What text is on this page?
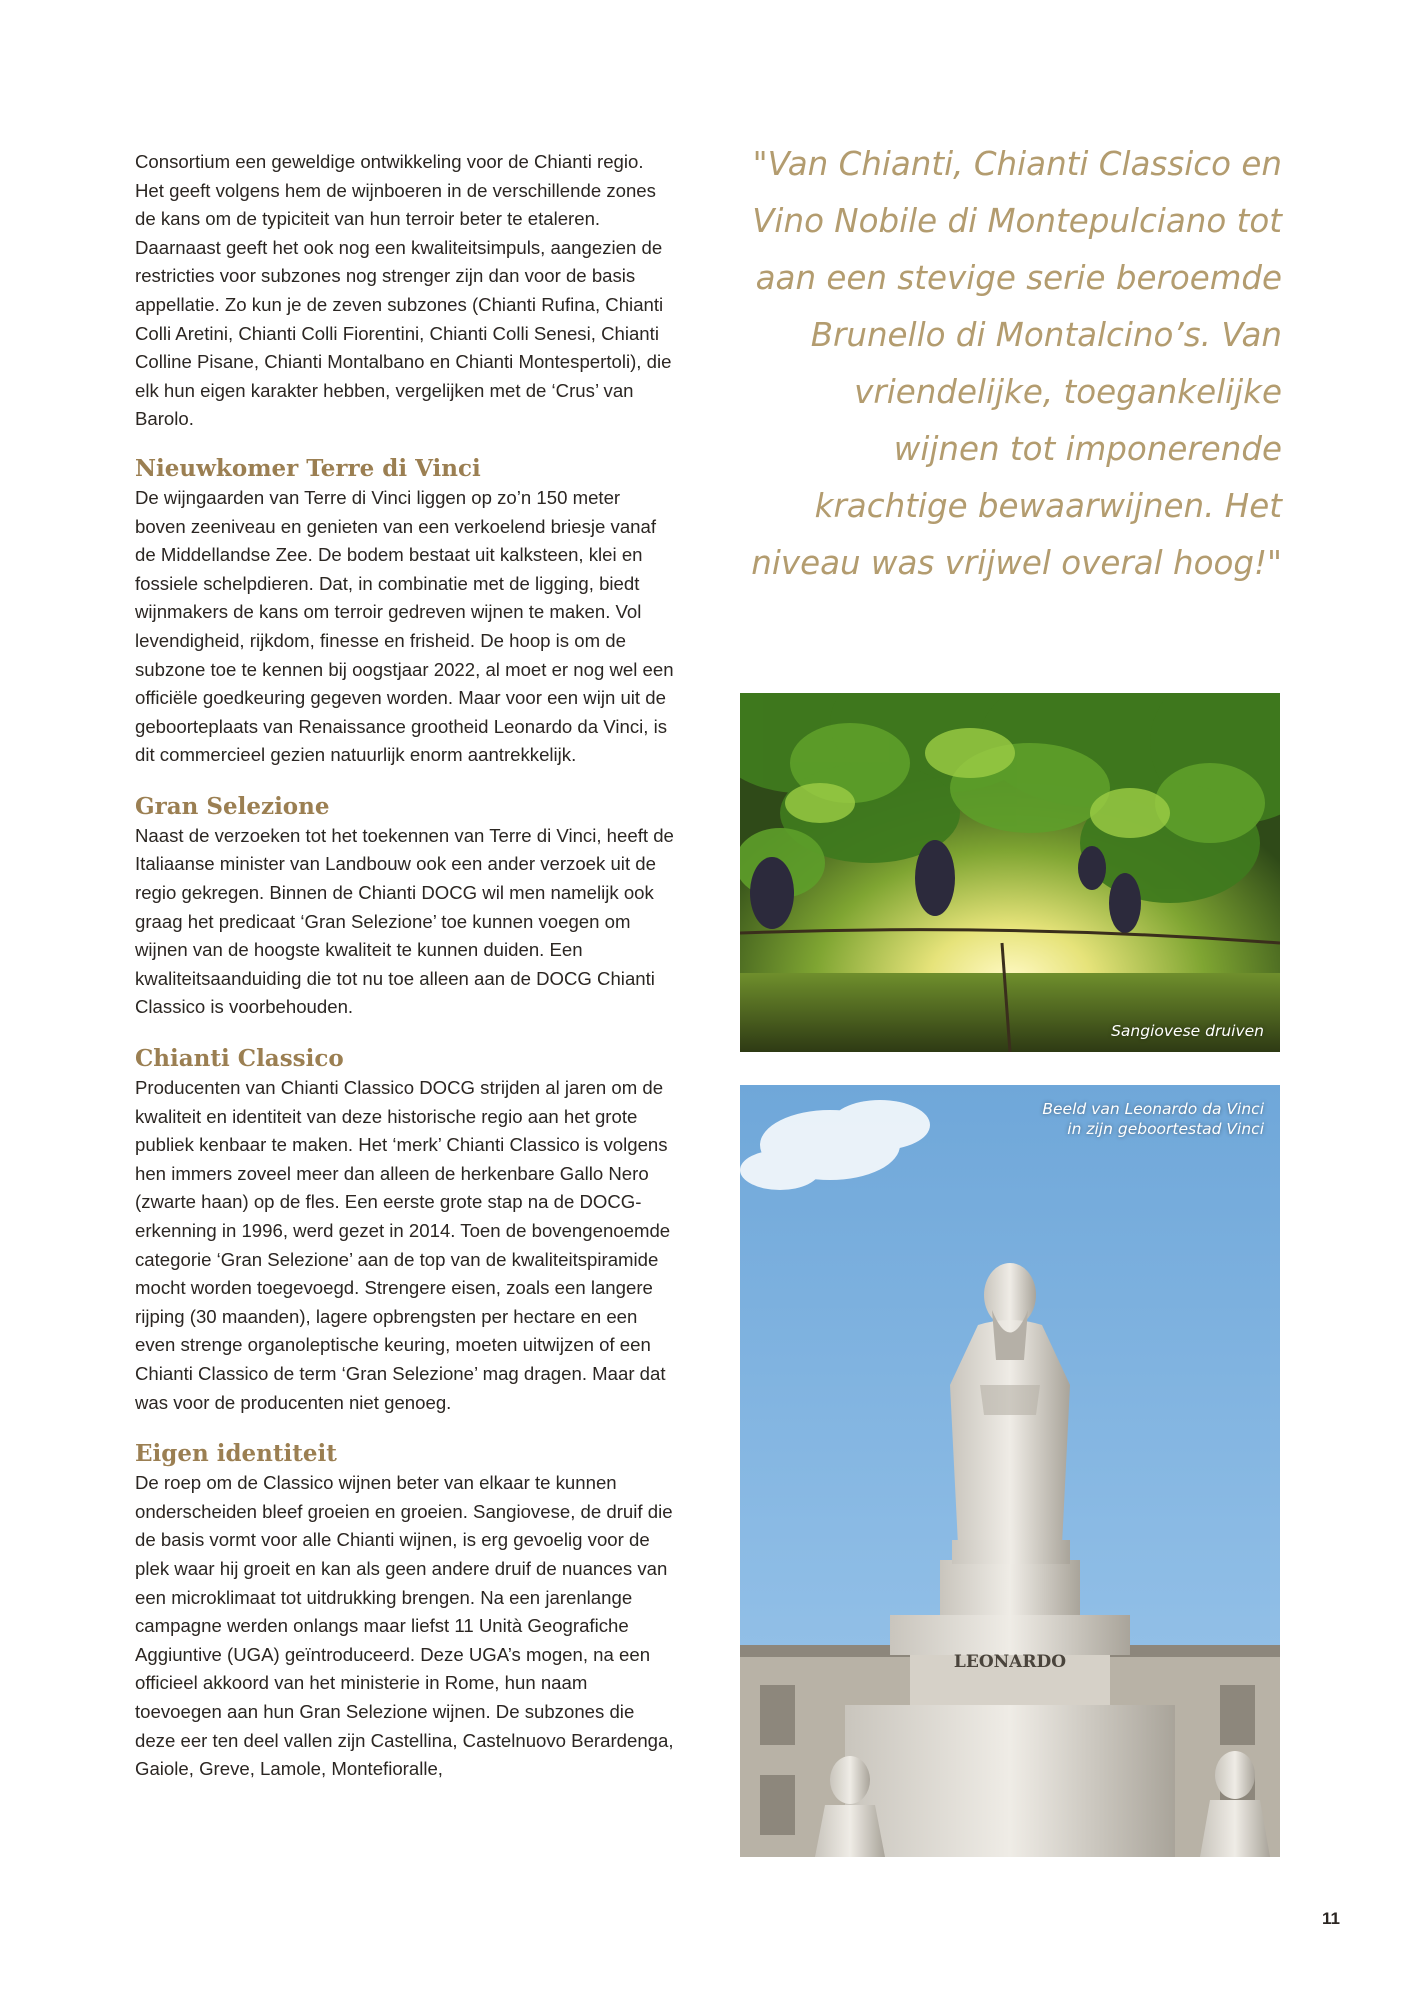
Consortium een geweldige ontwikkeling voor de Chianti regio. Het geeft volgens hem de wijnboeren in de verschillende zones de kans om de typiciteit van hun terroir beter te etaleren. Daarnaast geeft het ook nog een kwaliteitsimpuls, aangezien de restricties voor subzones nog strenger zijn dan voor de basis appellatie. Zo kun je de zeven subzones (Chianti Rufina, Chianti Colli Aretini, Chianti Colli Fiorentini, Chianti Colli Senesi, Chianti Colline Pisane, Chianti Montalbano en Chianti Montespertoli), die elk hun eigen karakter hebben, vergelijken met de ‘Crus’ van Barolo.

Nieuwkomer Terre di Vinci

De wijngaarden van Terre di Vinci liggen op zo’n 150 meter boven zeeniveau en genieten van een verkoelend briesje vanaf de Middellandse Zee. De bodem bestaat uit kalksteen, klei en fossiele schelpdieren. Dat, in combinatie met de ligging, biedt wijnmakers de kans om terroir gedreven wijnen te maken. Vol levendigheid, rijkdom, finesse en frisheid. De hoop is om de subzone toe te kennen bij oogstjaar 2022, al moet er nog wel een officiële goedkeuring gegeven worden. Maar voor een wijn uit de geboorteplaats van Renaissance grootheid Leonardo da Vinci, is dit commercieel gezien natuurlijk enorm aantrekkelijk.

Gran Selezione

Naast de verzoeken tot het toekennen van Terre di Vinci, heeft de Italiaanse minister van Landbouw ook een ander verzoek uit de regio gekregen. Binnen de Chianti DOCG wil men namelijk ook graag het predicaat ‘Gran Selezione’ toe kunnen voegen om wijnen van de hoogste kwaliteit te kunnen duiden. Een kwaliteitsaanduiding die tot nu toe alleen aan de DOCG Chianti Classico is voorbehouden.

Chianti Classico

Producenten van Chianti Classico DOCG strijden al jaren om de kwaliteit en identiteit van deze historische regio aan het grote publiek kenbaar te maken. Het ‘merk’ Chianti Classico is volgens hen immers zoveel meer dan alleen de herkenbare Gallo Nero (zwarte haan) op de fles. Een eerste grote stap na de DOCG-erkenning in 1996, werd gezet in 2014. Toen de bovengenoemde categorie ‘Gran Selezione’ aan de top van de kwaliteitspiramide mocht worden toegevoegd. Strengere eisen, zoals een langere rijping (30 maanden), lagere opbrengsten per hectare en een even strenge organoleptische keuring, moeten uitwijzen of een Chianti Classico de term ‘Gran Selezione’ mag dragen. Maar dat was voor de producenten niet genoeg.

Eigen identiteit

De roep om de Classico wijnen beter van elkaar te kunnen onderscheiden bleef groeien en groeien. Sangiovese, de druif die de basis vormt voor alle Chianti wijnen, is erg gevoelig voor de plek waar hij groeit en kan als geen andere druif de nuances van een microklimaat tot uitdrukking brengen. Na een jarenlange campagne werden onlangs maar liefst 11 Unità Geografiche Aggiuntive (UGA) geïntroduceerd. Deze UGA’s mogen, na een officieel akkoord van het ministerie in Rome, hun naam toevoegen aan hun Gran Selezione wijnen. De subzones die deze eer ten deel vallen zijn Castellina, Castelnuovo Berardenga, Gaiole, Greve, Lamole, Montefioralle,

"Van Chianti, Chianti Classico en Vino Nobile di Montepulciano tot aan een stevige serie beroemde Brunello di Montalcino’s. Van vriendelijke, toegankelijke wijnen tot imponerende krachtige bewaarwijnen. Het niveau was vrijwel overal hoog!"

Sangiovese druiven
LEONARDO
Beeld van Leonardo da Vinci
in zijn geboortestad Vinci
11
